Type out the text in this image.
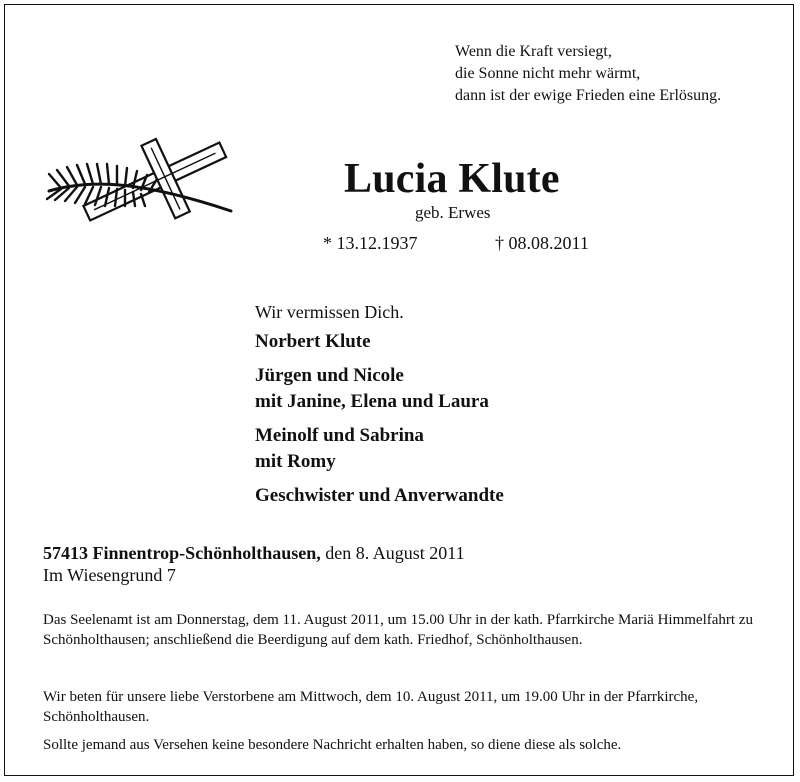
Wenn die Kraft versiegt,
die Sonne nicht mehr wärmt,
dann ist der ewige Frieden eine Erlösung.
Lucia Klute
geb. Erwes
* 13.12.1937	† 08.08.2011
Wir vermissen Dich.
Norbert Klute
Jürgen und Nicole
mit Janine, Elena und Laura
Meinolf und Sabrina
mit Romy
Geschwister und Anverwandte
57413 Finnentrop-Schönholthausen, den 8. August 2011
Im Wiesengrund 7
Das Seelenamt ist am Donnerstag, dem 11. August 2011, um 15.00 Uhr in der kath. Pfarrkirche Mariä Himmelfahrt zu Schönholthausen; anschließend die Beerdigung auf dem kath. Friedhof, Schönholthausen.
Wir beten für unsere liebe Verstorbene am Mittwoch, dem 10. August 2011, um 19.00 Uhr in der Pfarrkirche, Schönholthausen.
Sollte jemand aus Versehen keine besondere Nachricht erhalten haben, so diene diese als solche.
